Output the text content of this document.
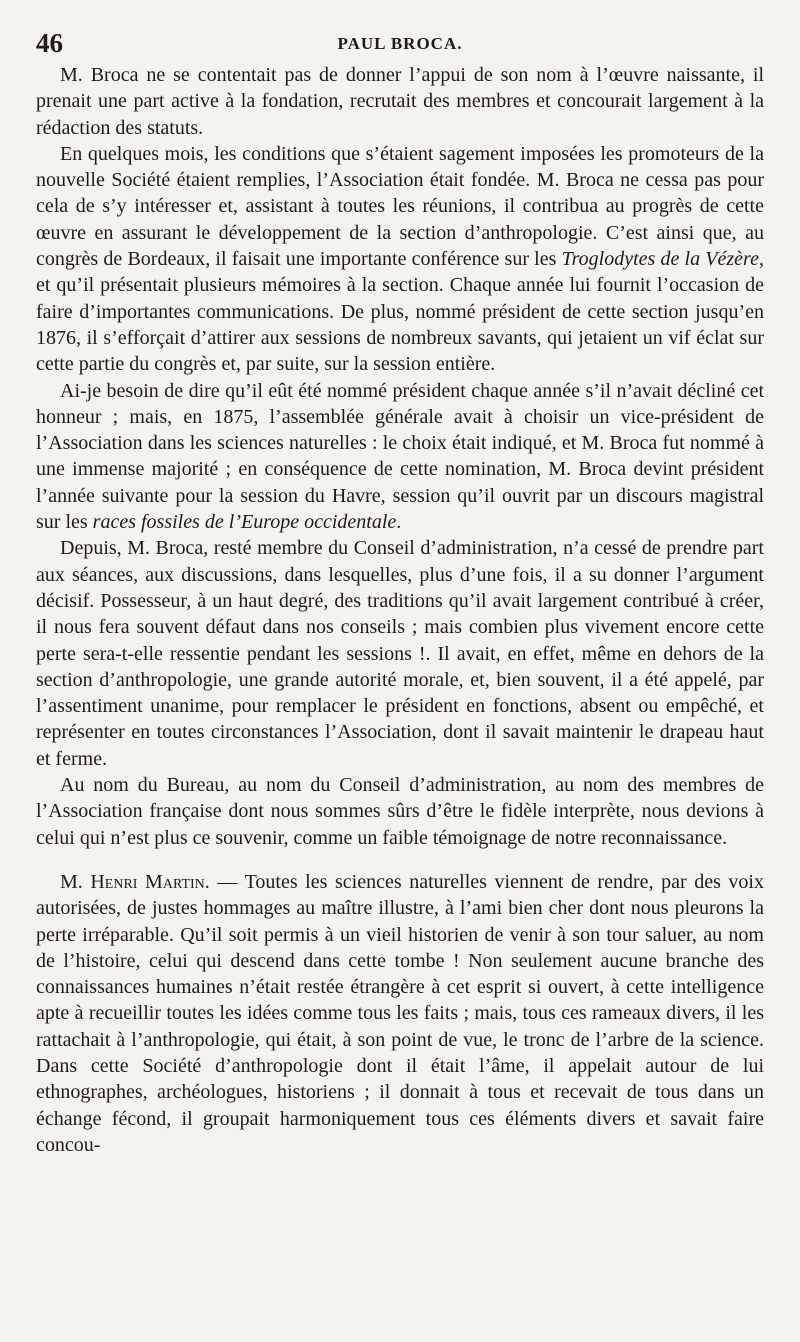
46	PAUL BROCA.

M. Broca ne se contentait pas de donner l’appui de son nom à l’œuvre naissante, il prenait une part active à la fondation, recrutait des membres et concourait largement à la rédaction des statuts.

En quelques mois, les conditions que s’étaient sagement imposées les promoteurs de la nouvelle Société étaient remplies, l’Association était fondée. M. Broca ne cessa pas pour cela de s’y intéresser et, assistant à toutes les réunions, il contribua au progrès de cette œuvre en assurant le développement de la section d’anthropologie. C’est ainsi que, au congrès de Bordeaux, il faisait une importante conférence sur les Troglodytes de la Vézère, et qu’il présentait plusieurs mémoires à la section. Chaque année lui fournit l’occasion de faire d’importantes communications. De plus, nommé président de cette section jusqu’en 1876, il s’efforçait d’attirer aux sessions de nombreux savants, qui jetaient un vif éclat sur cette partie du congrès et, par suite, sur la session entière.

Ai-je besoin de dire qu’il eût été nommé président chaque année s’il n’avait décliné cet honneur ; mais, en 1875, l’assemblée générale avait à choisir un vice-président de l’Association dans les sciences naturelles : le choix était indiqué, et M. Broca fut nommé à une immense majorité ; en conséquence de cette nomination, M. Broca devint président l’année suivante pour la session du Havre, session qu’il ouvrit par un discours magistral sur les races fossiles de l’Europe occidentale.

Depuis, M. Broca, resté membre du Conseil d’administration, n’a cessé de prendre part aux séances, aux discussions, dans lesquelles, plus d’une fois, il a su donner l’argument décisif. Possesseur, à un haut degré, des traditions qu’il avait largement contribué à créer, il nous fera souvent défaut dans nos conseils ; mais combien plus vivement encore cette perte sera-t-elle ressentie pendant les sessions !. Il avait, en effet, même en dehors de la section d’anthropologie, une grande autorité morale, et, bien souvent, il a été appelé, par l’assentiment unanime, pour remplacer le président en fonctions, absent ou empêché, et représenter en toutes circonstances l’Association, dont il savait maintenir le drapeau haut et ferme.

Au nom du Bureau, au nom du Conseil d’administration, au nom des membres de l’Association française dont nous sommes sûrs d’être le fidèle interprète, nous devions à celui qui n’est plus ce souvenir, comme un faible témoignage de notre reconnaissance.

M. Henri Martin. — Toutes les sciences naturelles viennent de rendre, par des voix autorisées, de justes hommages au maître illustre, à l’ami bien cher dont nous pleurons la perte irréparable. Qu’il soit permis à un vieil historien de venir à son tour saluer, au nom de l’histoire, celui qui descend dans cette tombe ! Non seulement aucune branche des connaissances humaines n’était restée étrangère à cet esprit si ouvert, à cette intelligence apte à recueillir toutes les idées comme tous les faits ; mais, tous ces rameaux divers, il les rattachait à l’anthropologie, qui était, à son point de vue, le tronc de l’arbre de la science. Dans cette Société d’anthropologie dont il était l’âme, il appelait autour de lui ethnographes, archéologues, historiens ; il donnait à tous et recevait de tous dans un échange fécond, il groupait harmoniquement tous ces éléments divers et savait faire concou-
